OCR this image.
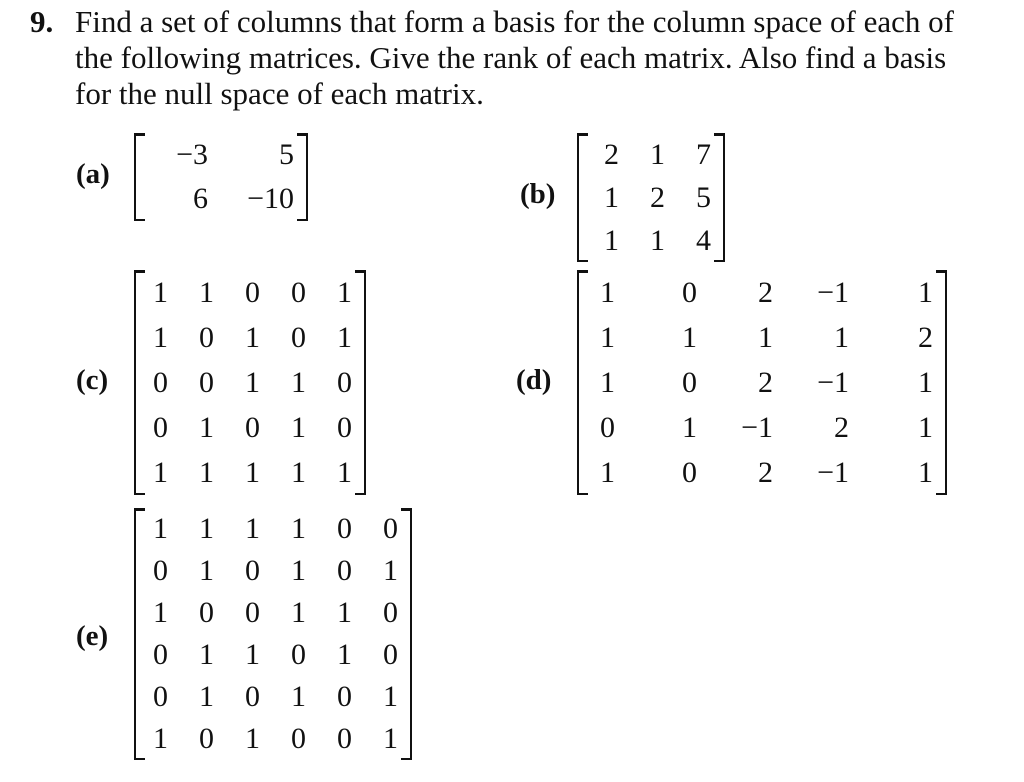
9. Find a set of columns that form a basis for the column space of each of the following matrices. Give the rank of each matrix. Also find a basis for the null space of each matrix.
(a)
−3 5
6 −10	(b)
2 1 7
1 2 5
1 1 4
(c)
1 1 0 0 1
1 0 1 0 1
0 0 1 1 0
0 1 0 1 0
1 1 1 1 1
(d)
1 0 2 −1 1
1 1 1 1 2
1 0 2 −1 1
0 1 −1 2 1
1 0 2 −1 1
(e)
1 1 1 1 0 0
0 1 0 1 0 1
1 0 0 1 1 0
0 1 1 0 1 0
0 1 0 1 0 1
1 0 1 0 0 1
